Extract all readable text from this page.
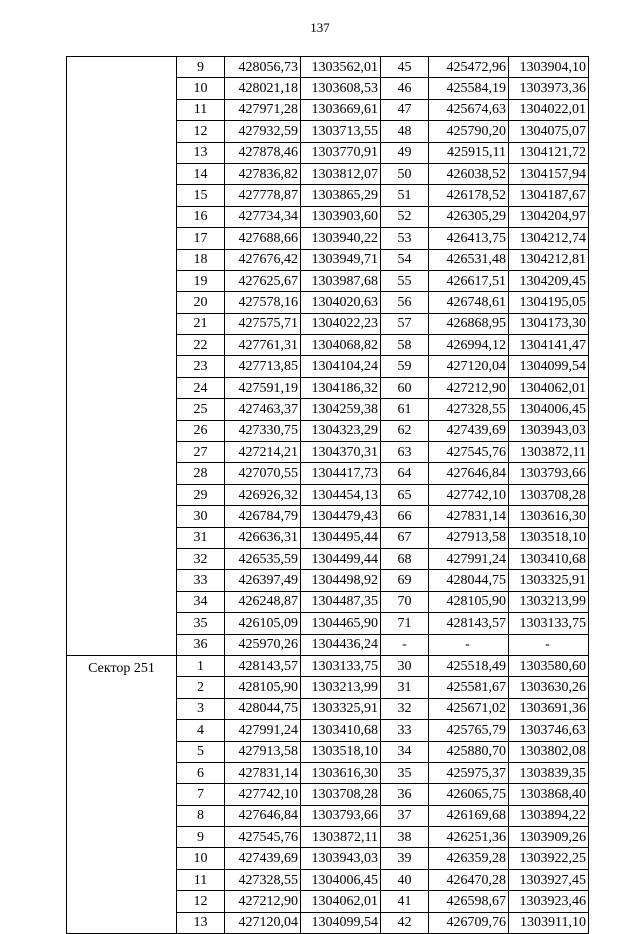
137
	9	428056,73	1303562,01	45	425472,96	1303904,10
	10	428021,18	1303608,53	46	425584,19	1303973,36
	11	427971,28	1303669,61	47	425674,63	1304022,01
	12	427932,59	1303713,55	48	425790,20	1304075,07
	13	427878,46	1303770,91	49	425915,11	1304121,72
	14	427836,82	1303812,07	50	426038,52	1304157,94
	15	427778,87	1303865,29	51	426178,52	1304187,67
	16	427734,34	1303903,60	52	426305,29	1304204,97
	17	427688,66	1303940,22	53	426413,75	1304212,74
	18	427676,42	1303949,71	54	426531,48	1304212,81
	19	427625,67	1303987,68	55	426617,51	1304209,45
	20	427578,16	1304020,63	56	426748,61	1304195,05
	21	427575,71	1304022,23	57	426868,95	1304173,30
	22	427761,31	1304068,82	58	426994,12	1304141,47
	23	427713,85	1304104,24	59	427120,04	1304099,54
	24	427591,19	1304186,32	60	427212,90	1304062,01
	25	427463,37	1304259,38	61	427328,55	1304006,45
	26	427330,75	1304323,29	62	427439,69	1303943,03
	27	427214,21	1304370,31	63	427545,76	1303872,11
	28	427070,55	1304417,73	64	427646,84	1303793,66
	29	426926,32	1304454,13	65	427742,10	1303708,28
	30	426784,79	1304479,43	66	427831,14	1303616,30
	31	426636,31	1304495,44	67	427913,58	1303518,10
	32	426535,59	1304499,44	68	427991,24	1303410,68
	33	426397,49	1304498,92	69	428044,75	1303325,91
	34	426248,87	1304487,35	70	428105,90	1303213,99
	35	426105,09	1304465,90	71	428143,57	1303133,75
	36	425970,26	1304436,24	-	-	-
Сектор 251	1	428143,57	1303133,75	30	425518,49	1303580,60
	2	428105,90	1303213,99	31	425581,67	1303630,26
	3	428044,75	1303325,91	32	425671,02	1303691,36
	4	427991,24	1303410,68	33	425765,79	1303746,63
	5	427913,58	1303518,10	34	425880,70	1303802,08
	6	427831,14	1303616,30	35	425975,37	1303839,35
	7	427742,10	1303708,28	36	426065,75	1303868,40
	8	427646,84	1303793,66	37	426169,68	1303894,22
	9	427545,76	1303872,11	38	426251,36	1303909,26
	10	427439,69	1303943,03	39	426359,28	1303922,25
	11	427328,55	1304006,45	40	426470,28	1303927,45
	12	427212,90	1304062,01	41	426598,67	1303923,46
	13	427120,04	1304099,54	42	426709,76	1303911,10
